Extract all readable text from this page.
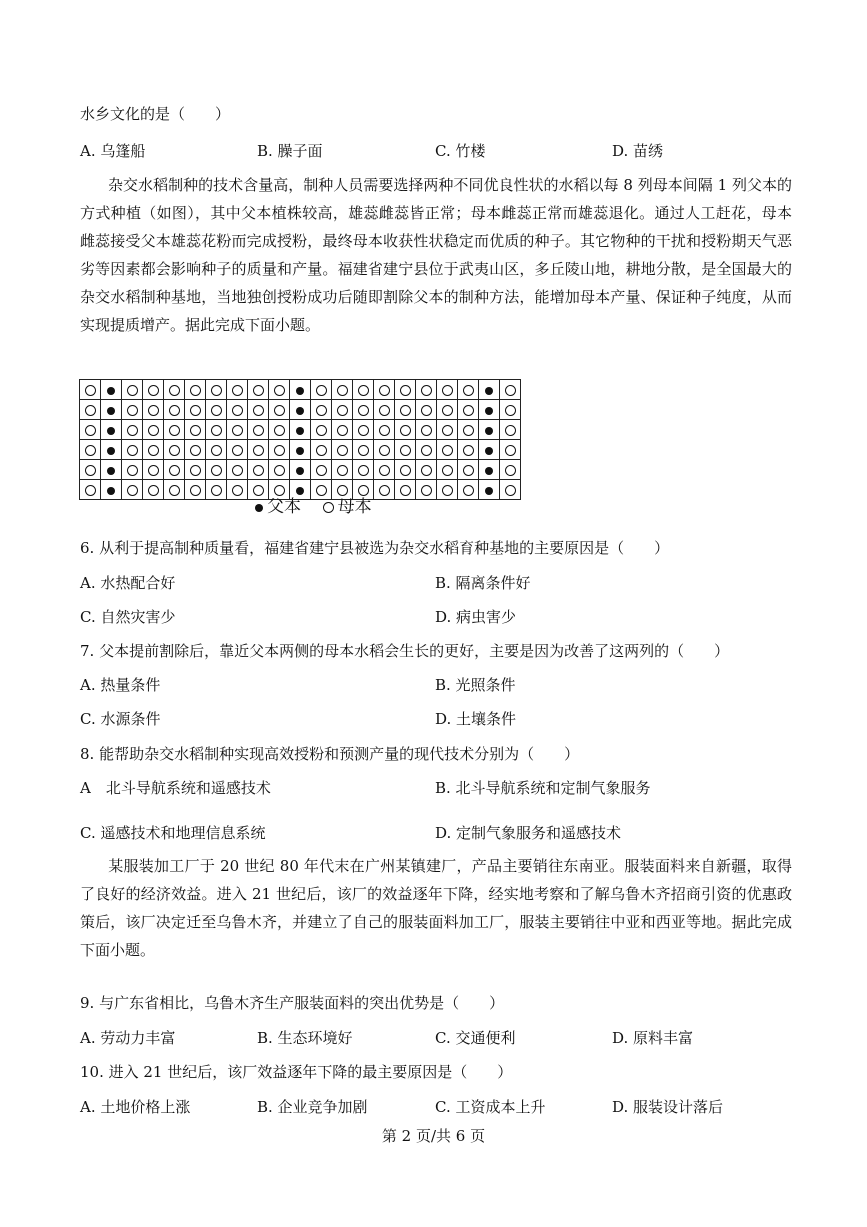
水乡文化的是（　　）
A. 乌篷船	B. 臊子面	C. 竹楼	D. 苗绣
杂交水稻制种的技术含量高，制种人员需要选择两种不同优良性状的水稻以每 8 列母本间隔 1 列父本的方式种植（如图），其中父本植株较高，雄蕊雌蕊皆正常；母本雌蕊正常而雄蕊退化。通过人工赶花，母本雌蕊接受父本雄蕊花粉而完成授粉，最终母本收获性状稳定而优质的种子。其它物种的干扰和授粉期天气恶劣等因素都会影响种子的质量和产量。福建省建宁县位于武夷山区，多丘陵山地，耕地分散，是全国最大的杂交水稻制种基地，当地独创授粉成功后随即割除父本的制种方法，能增加母本产量、保证种子纯度，从而实现提质增产。据此完成下面小题。

父本 母本
6. 从利于提高制种质量看，福建省建宁县被选为杂交水稻育种基地的主要原因是（　　）
A. 水热配合好	B. 隔离条件好
C. 自然灾害少	D. 病虫害少
7. 父本提前割除后，靠近父本两侧的母本水稻会生长的更好，主要是因为改善了这两列的（　　）
A. 热量条件	B. 光照条件
C. 水源条件	D. 土壤条件
8. 能帮助杂交水稻制种实现高效授粉和预测产量的现代技术分别为（　　）
A　北斗导航系统和遥感技术	B. 北斗导航系统和定制气象服务
C. 遥感技术和地理信息系统	D. 定制气象服务和遥感技术
某服装加工厂于 20 世纪 80 年代末在广州某镇建厂，产品主要销往东南亚。服装面料来自新疆，取得了良好的经济效益。进入 21 世纪后，该厂的效益逐年下降，经实地考察和了解乌鲁木齐招商引资的优惠政策后，该厂决定迁至乌鲁木齐，并建立了自己的服装面料加工厂，服装主要销往中亚和西亚等地。据此完成下面小题。
9. 与广东省相比，乌鲁木齐生产服装面料的突出优势是（　　）
A. 劳动力丰富	B. 生态环境好	C. 交通便利	D. 原料丰富
10. 进入 21 世纪后，该厂效益逐年下降的最主要原因是（　　）
A. 土地价格上涨	B. 企业竞争加剧	C. 工资成本上升	D. 服装设计落后
第 2 页/共 6 页
